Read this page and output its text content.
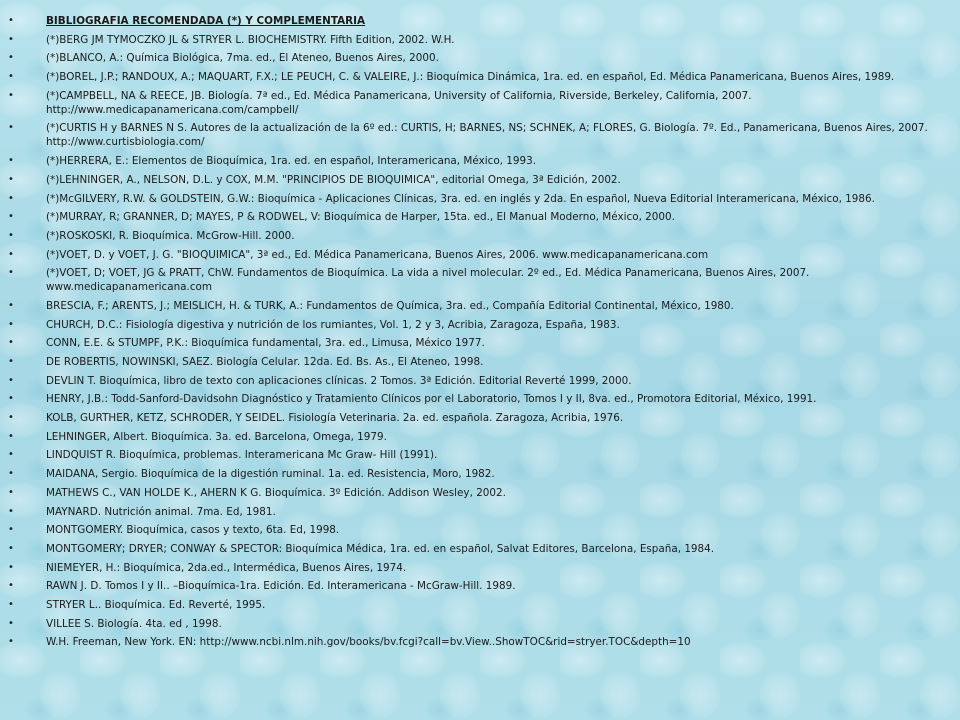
•	BIBLIOGRAFIA RECOMENDADA (*) Y COMPLEMENTARIA
•	(*)BERG JM TYMOCZKO JL & STRYER L. BIOCHEMISTRY. Fifth Edition, 2002. W.H.
•	(*)BLANCO, A.: Química Biológica, 7ma. ed., El Ateneo, Buenos Aires, 2000.
•	(*)BOREL, J.P.; RANDOUX, A.; MAQUART, F.X.; LE PEUCH, C. & VALEIRE, J.: Bioquímica Dinámica, 1ra. ed. en español, Ed. Médica Panamericana, Buenos Aires, 1989.
•	(*)CAMPBELL, NA & REECE, JB. Biología. 7ª ed., Ed. Médica Panamericana, University of California, Riverside, Berkeley, California, 2007. http://www.medicapanamericana.com/campbell/
•	(*)CURTIS H y BARNES N S. Autores de la actualización de la 6º ed.: CURTIS, H; BARNES, NS; SCHNEK, A; FLORES, G. Biología. 7º. Ed., Panamericana, Buenos Aires, 2007. http://www.curtisbiologia.com/
•	(*)HERRERA, E.: Elementos de Bioquímica, 1ra. ed. en español, Interamericana, México, 1993.
•	(*)LEHNINGER, A., NELSON, D.L. y COX, M.M. "PRINCIPIOS DE BIOQUIMICA", editorial Omega, 3ª Edición, 2002.
•	(*)McGILVERY, R.W. & GOLDSTEIN, G.W.: Bioquímica - Aplicaciones Clínicas, 3ra. ed. en inglés y 2da. En español, Nueva Editorial Interamericana, México, 1986.
•	(*)MURRAY, R; GRANNER, D; MAYES, P & RODWEL, V: Bioquímica de Harper, 15ta. ed., El Manual Moderno, México, 2000.
•	(*)ROSKOSKI, R. Bioquímica. McGrow-Hill. 2000.
•	(*)VOET, D. y VOET, J. G. "BIOQUIMICA", 3ª ed., Ed. Médica Panamericana, Buenos Aires, 2006. www.medicapanamericana.com
•	(*)VOET, D; VOET, JG & PRATT, ChW. Fundamentos de Bioquímica. La vida a nivel molecular. 2º ed., Ed. Médica Panamericana, Buenos Aires, 2007. www.medicapanamericana.com
•	BRESCIA, F.; ARENTS, J.; MEISLICH, H. & TURK, A.: Fundamentos de Química, 3ra. ed., Compañía Editorial Continental, México, 1980.
•	CHURCH, D.C.: Fisiología digestiva y nutrición de los rumiantes, Vol. 1, 2 y 3, Acribia, Zaragoza, España, 1983.
•	CONN, E.E. & STUMPF, P.K.: Bioquímica fundamental, 3ra. ed., Limusa, México 1977.
•	DE ROBERTIS, NOWINSKI, SAEZ. Biología Celular. 12da. Ed. Bs. As., El Ateneo, 1998.
•	DEVLIN T. Bioquímica, libro de texto con aplicaciones clínicas. 2 Tomos. 3ª Edición. Editorial Reverté 1999, 2000.
•	HENRY, J.B.: Todd-Sanford-Davidsohn Diagnóstico y Tratamiento Clínicos por el Laboratorio, Tomos I y II, 8va. ed., Promotora Editorial, México, 1991.
•	KOLB, GURTHER, KETZ, SCHRODER, Y SEIDEL. Fisiología Veterinaria. 2a. ed. española. Zaragoza, Acribia, 1976.
•	LEHNINGER, Albert. Bioquímica. 3a. ed. Barcelona, Omega, 1979.
•	LINDQUIST R. Bioquímica, problemas. Interamericana Mc Graw- Hill (1991).
•	MAIDANA, Sergio. Bioquímica de la digestión ruminal. 1a. ed. Resistencia, Moro, 1982.
•	MATHEWS C., VAN HOLDE K., AHERN K G. Bioquímica. 3º Edición. Addison Wesley, 2002.
•	MAYNARD. Nutrición animal. 7ma. Ed, 1981.
•	MONTGOMERY. Bioquímica, casos y texto, 6ta. Ed, 1998.
•	MONTGOMERY; DRYER; CONWAY & SPECTOR: Bioquímica Médica, 1ra. ed. en español, Salvat Editores, Barcelona, España, 1984.
•	NIEMEYER, H.: Bioquímica, 2da.ed., Intermédica, Buenos Aires, 1974.
•	RAWN J. D. Tomos I y II.. –Bioquímica-1ra. Edición. Ed. Interamericana - McGraw-Hill. 1989.
•	STRYER L.. Bioquímica. Ed. Reverté, 1995.
•	VILLEE S. Biología. 4ta. ed , 1998.
•	W.H. Freeman, New York. EN: http://www.ncbi.nlm.nih.gov/books/bv.fcgi?call=bv.View..ShowTOC&rid=stryer.TOC&depth=10
